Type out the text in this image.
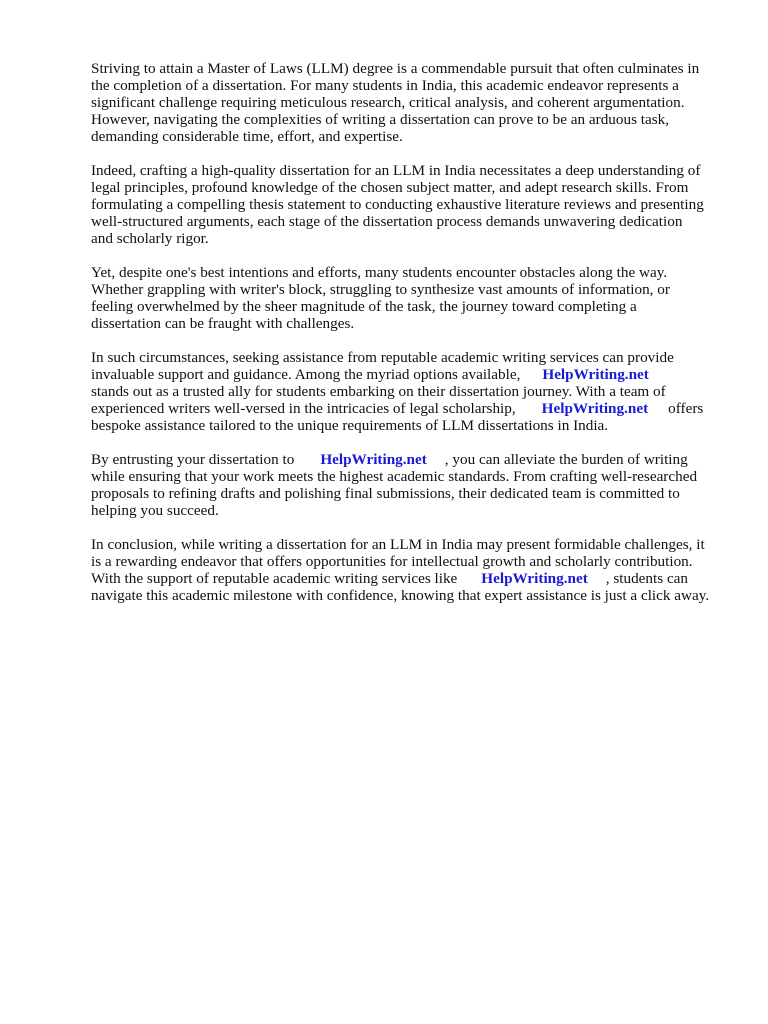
Striving to attain a Master of Laws (LLM) degree is a commendable pursuit that often culminates in
the completion of a dissertation. For many students in India, this academic endeavor represents a
significant challenge requiring meticulous research, critical analysis, and coherent argumentation.
However, navigating the complexities of writing a dissertation can prove to be an arduous task,
demanding considerable time, effort, and expertise.

Indeed, crafting a high-quality dissertation for an LLM in India necessitates a deep understanding of
legal principles, profound knowledge of the chosen subject matter, and adept research skills. From
formulating a compelling thesis statement to conducting exhaustive literature reviews and presenting
well-structured arguments, each stage of the dissertation process demands unwavering dedication
and scholarly rigor.

Yet, despite one's best intentions and efforts, many students encounter obstacles along the way.
Whether grappling with writer's block, struggling to synthesize vast amounts of information, or
feeling overwhelmed by the sheer magnitude of the task, the journey toward completing a
dissertation can be fraught with challenges.

In such circumstances, seeking assistance from reputable academic writing services can provide
invaluable support and guidance. Among the myriad options available, HelpWriting.net
stands out as a trusted ally for students embarking on their dissertation journey. With a team of
experienced writers well-versed in the intricacies of legal scholarship, HelpWriting.net offers
bespoke assistance tailored to the unique requirements of LLM dissertations in India.

By entrusting your dissertation to HelpWriting.net , you can alleviate the burden of writing
while ensuring that your work meets the highest academic standards. From crafting well-researched
proposals to refining drafts and polishing final submissions, their dedicated team is committed to
helping you succeed.

In conclusion, while writing a dissertation for an LLM in India may present formidable challenges, it
is a rewarding endeavor that offers opportunities for intellectual growth and scholarly contribution.
With the support of reputable academic writing services like HelpWriting.net , students can
navigate this academic milestone with confidence, knowing that expert assistance is just a click away.
